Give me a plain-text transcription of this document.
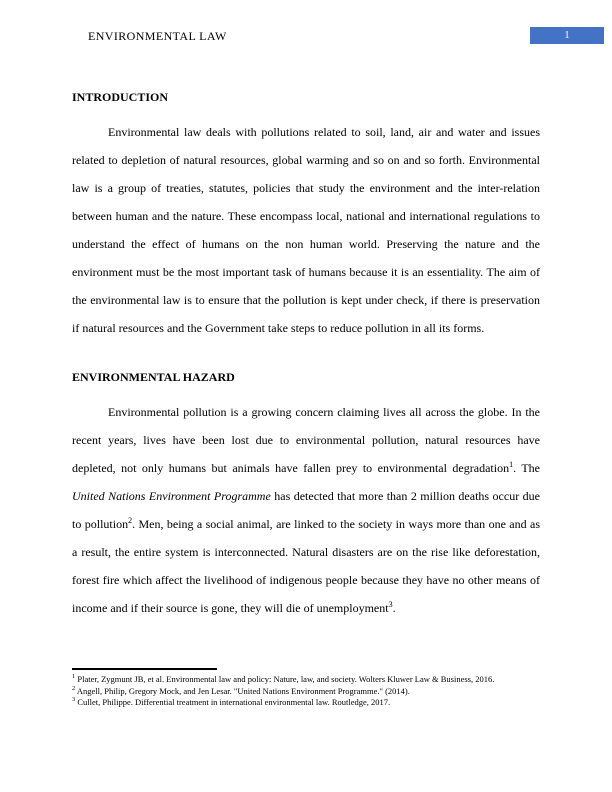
ENVIRONMENTAL LAW	1
INTRODUCTION

Environmental law deals with pollutions related to soil, land, air and water and issues related to depletion of natural resources, global warming and so on and so forth. Environmental law is a group of treaties, statutes, policies that study the environment and the inter-relation between human and the nature. These encompass local, national and international regulations to understand the effect of humans on the non human world. Preserving the nature and the environment must be the most important task of humans because it is an essentiality. The aim of the environmental law is to ensure that the pollution is kept under check, if there is preservation if natural resources and the Government take steps to reduce pollution in all its forms.

ENVIRONMENTAL HAZARD

Environmental pollution is a growing concern claiming lives all across the globe. In the recent years, lives have been lost due to environmental pollution, natural resources have depleted, not only humans but animals have fallen prey to environmental degradation$^1$. The United Nations Environment Programme has detected that more than 2 million deaths occur due to pollution$^2$. Men, being a social animal, are linked to the society in ways more than one and as a result, the entire system is interconnected. Natural disasters are on the rise like deforestation, forest fire which affect the livelihood of indigenous people because they have no other means of income and if their source is gone, they will die of unemployment$^3$.

$^1$ Plater, Zygmunt JB, et al. Environmental law and policy: Nature, law, and society. Wolters Kluwer Law & Business, 2016.

$^2$ Angell, Philip, Gregory Mock, and Jen Lesar. "United Nations Environment Programme." (2014).

$^3$ Cullet, Philippe. Differential treatment in international environmental law. Routledge, 2017.
